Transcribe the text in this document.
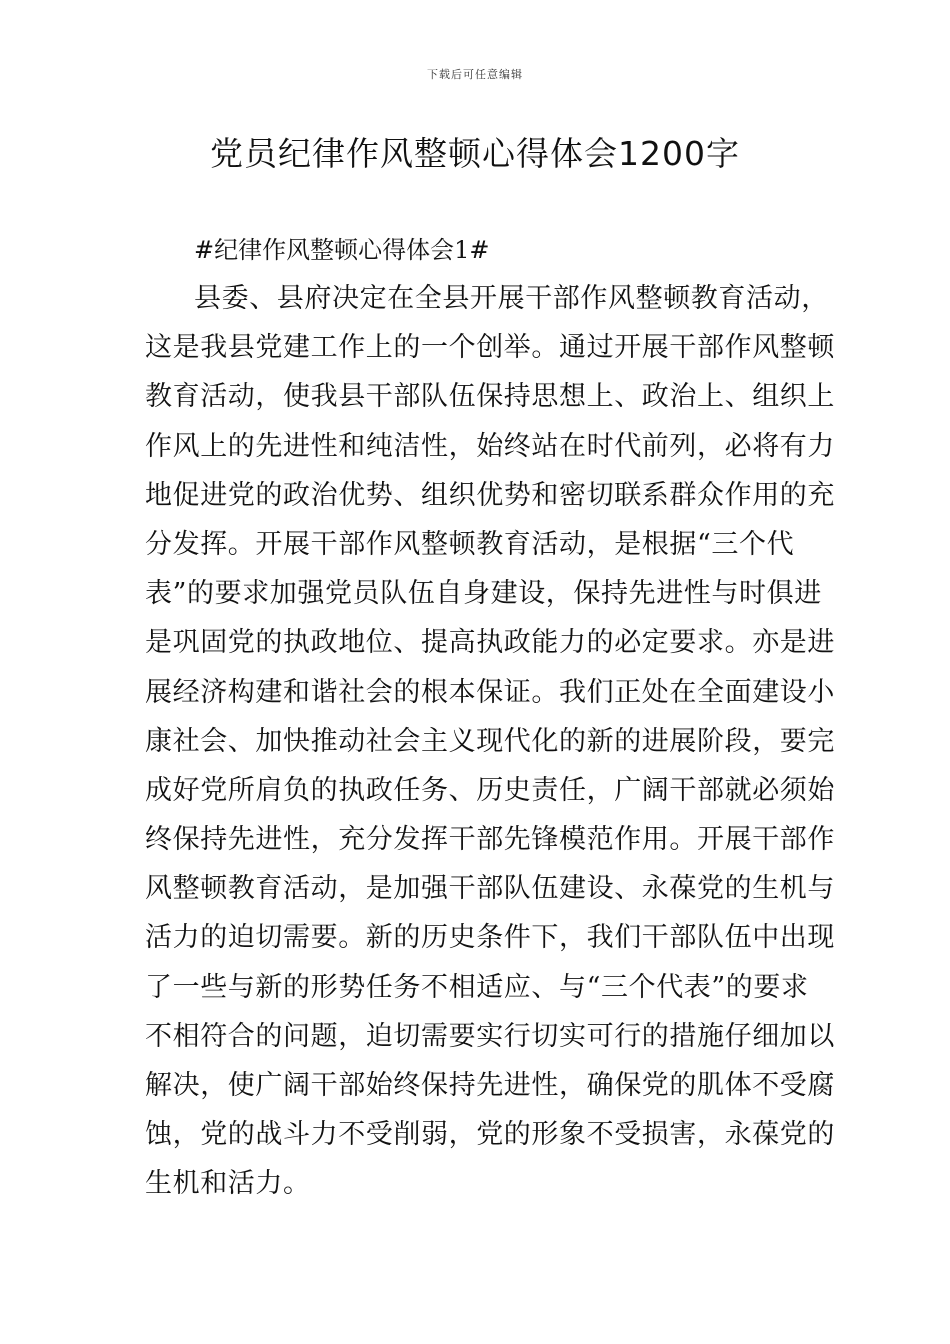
下载后可任意编辑
党员纪律作风整顿心得体会1200字

#纪律作风整顿心得体会1#

县委、县府决定在全县开展干部作风整顿教育活动，
这是我县党建工作上的一个创举。通过开展干部作风整顿
教育活动，使我县干部队伍保持思想上、政治上、组织上
作风上的先进性和纯洁性，始终站在时代前列，必将有力
地促进党的政治优势、组织优势和密切联系群众作用的充
分发挥。开展干部作风整顿教育活动，是根据“三个代
表”的要求加强党员队伍自身建设，保持先进性与时俱进
是巩固党的执政地位、提高执政能力的必定要求。亦是进
展经济构建和谐社会的根本保证。我们正处在全面建设小
康社会、加快推动社会主义现代化的新的进展阶段，要完
成好党所肩负的执政任务、历史责任，广阔干部就必须始
终保持先进性，充分发挥干部先锋模范作用。开展干部作
风整顿教育活动，是加强干部队伍建设、永葆党的生机与
活力的迫切需要。新的历史条件下，我们干部队伍中出现
了一些与新的形势任务不相适应、与“三个代表”的要求
不相符合的问题，迫切需要实行切实可行的措施仔细加以
解决，使广阔干部始终保持先进性，确保党的肌体不受腐
蚀，党的战斗力不受削弱，党的形象不受损害，永葆党的
生机和活力。
